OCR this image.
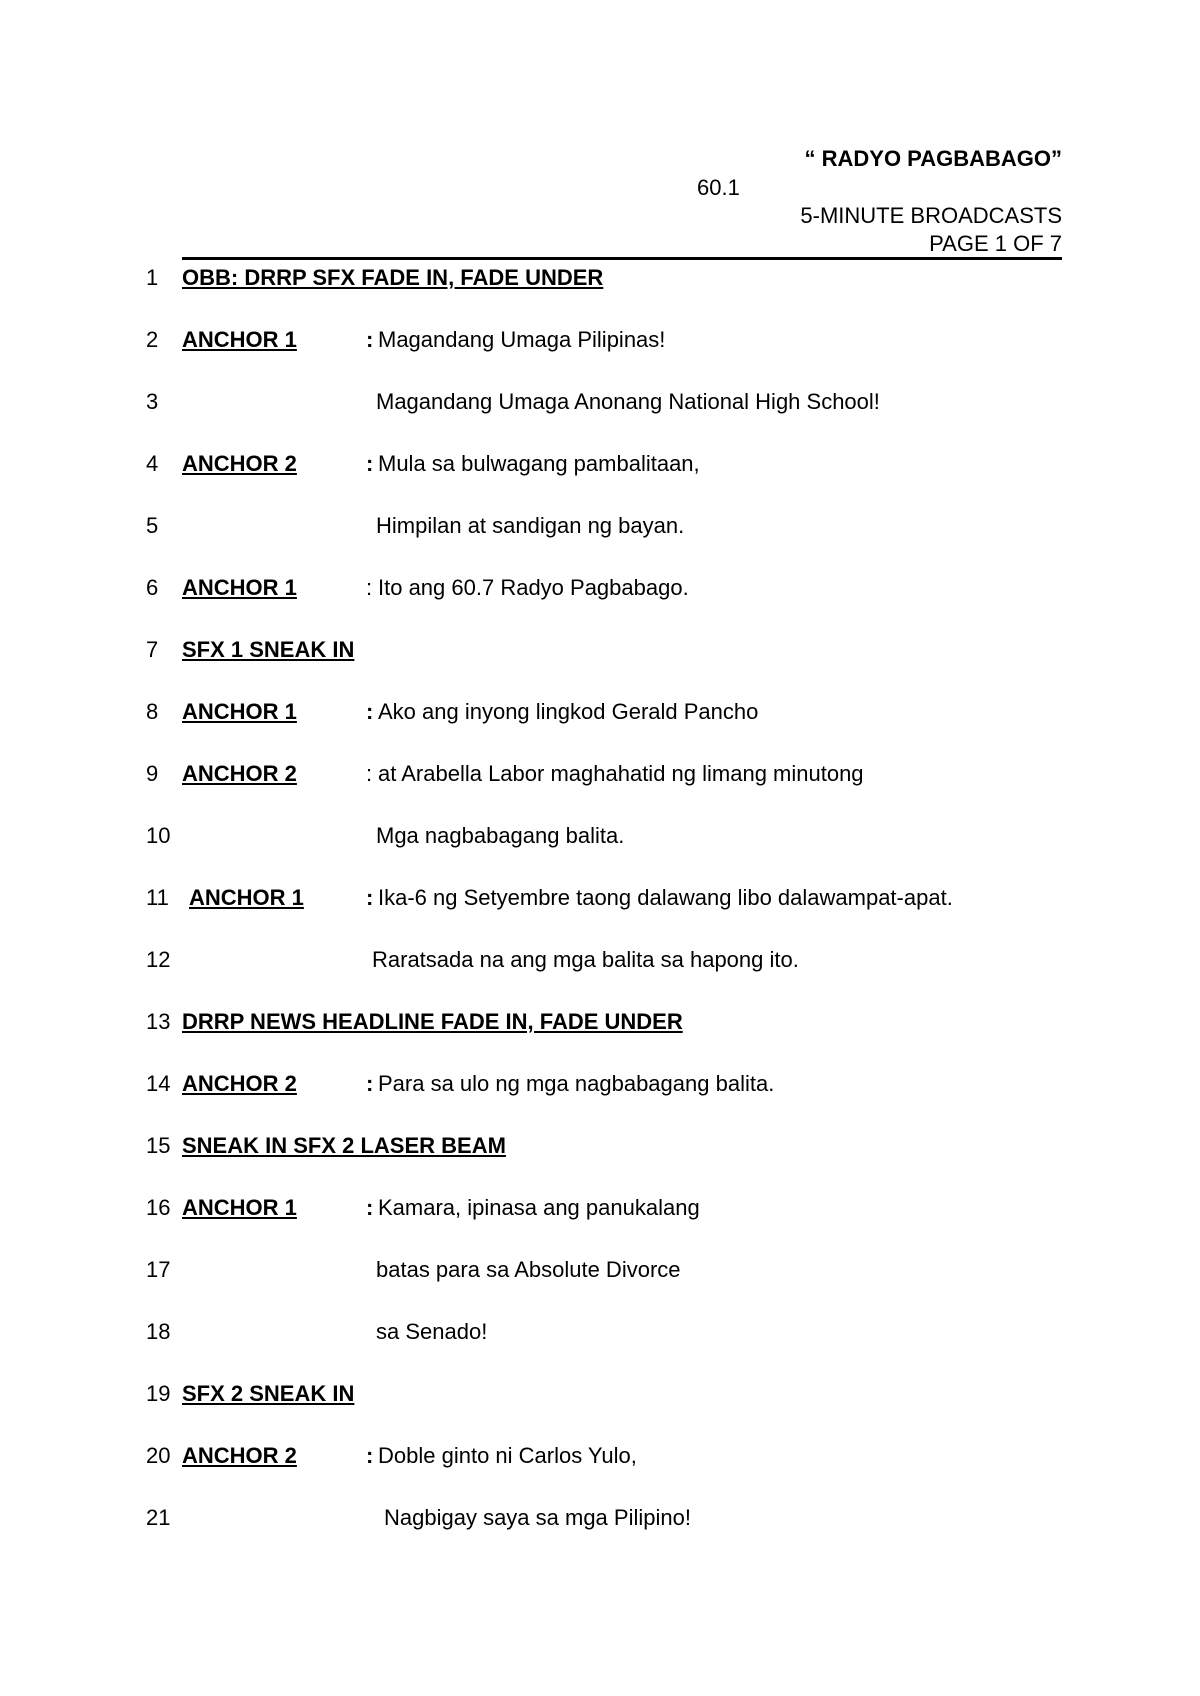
“ RADYO PAGBABAGO”
60.1
5-MINUTE BROADCASTS
PAGE 1 OF 7
1 OBB: DRRP SFX FADE IN, FADE UNDER
2 ANCHOR 1	: Magandang Umaga Pilipinas!
3	Magandang Umaga Anonang National High School!
4 ANCHOR 2	: Mula sa bulwagang pambalitaan,
5	Himpilan at sandigan ng bayan.
6 ANCHOR 1	: Ito ang 60.7 Radyo Pagbabago.
7 SFX 1 SNEAK IN
8 ANCHOR 1	: Ako ang inyong lingkod Gerald Pancho
9 ANCHOR 2	: at Arabella Labor maghahatid ng limang minutong
10	Mga nagbabagang balita.
11 ANCHOR 1	: Ika-6 ng Setyembre taong dalawang libo dalawampat-apat.
12	Raratsada na ang mga balita sa hapong ito.
13 DRRP NEWS HEADLINE FADE IN, FADE UNDER
14 ANCHOR 2	: Para sa ulo ng mga nagbabagang balita.
15 SNEAK IN SFX 2 LASER BEAM
16 ANCHOR 1	: Kamara, ipinasa ang panukalang
17	batas para sa Absolute Divorce
18	sa Senado!
19 SFX 2 SNEAK IN
20 ANCHOR 2	: Doble ginto ni Carlos Yulo,
21	Nagbigay saya sa mga Pilipino!
